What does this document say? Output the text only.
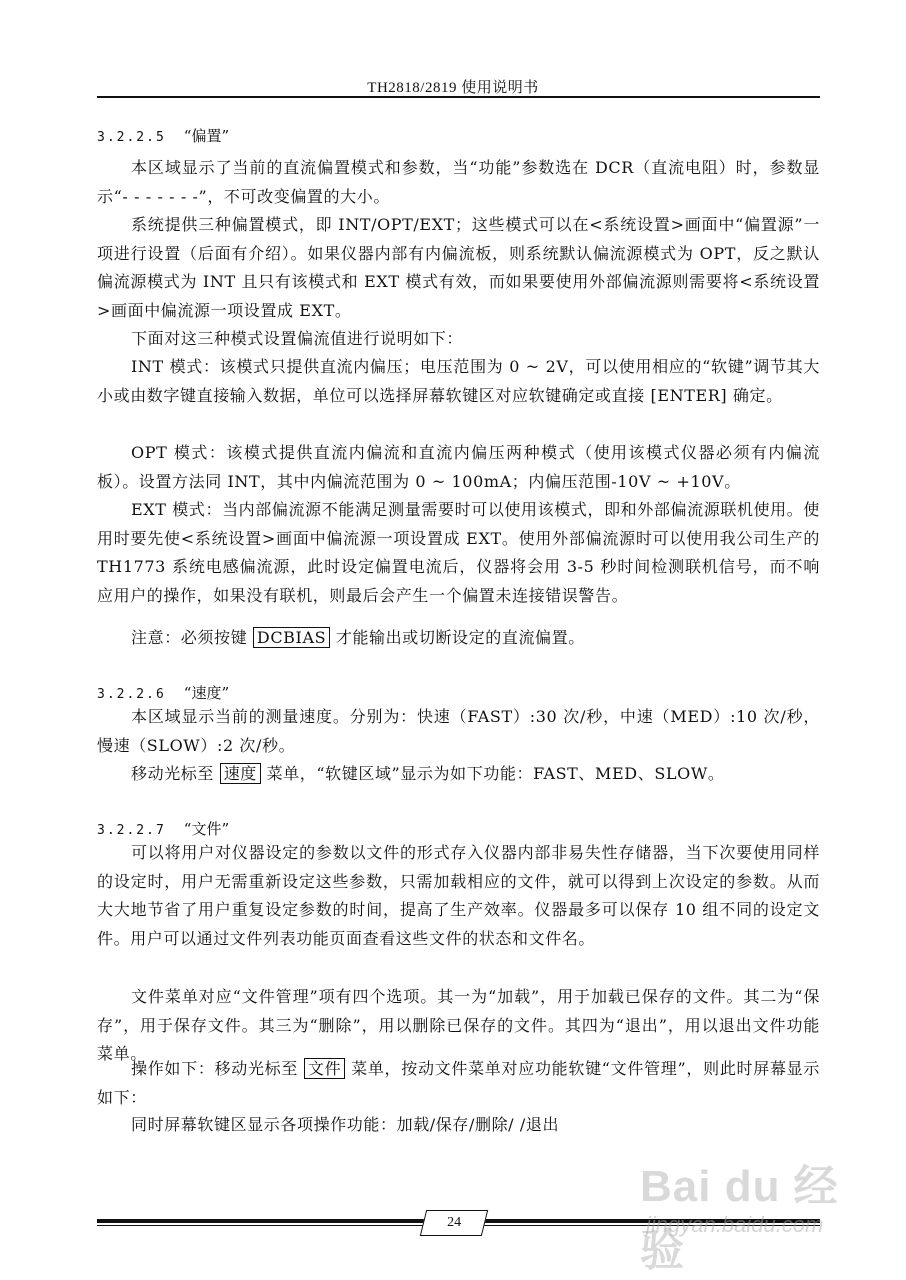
TH2818/2819 使用说明书
3.2.2.5 “偏置”

本区域显示了当前的直流偏置模式和参数，当“功能”参数选在 DCR（直流电阻）时，参数显示“- - - - - - -”，不可改变偏置的大小。

系统提供三种偏置模式，即 INT/OPT/EXT；这些模式可以在<系统设置>画面中“偏置源”一项进行设置（后面有介绍）。如果仪器内部有内偏流板，则系统默认偏流源模式为 OPT，反之默认偏流源模式为 INT 且只有该模式和 EXT 模式有效，而如果要使用外部偏流源则需要将<系统设置>画面中偏流源一项设置成 EXT。

下面对这三种模式设置偏流值进行说明如下：

INT 模式：该模式只提供直流内偏压；电压范围为 0 ~ 2V，可以使用相应的“软键”调节其大小或由数字键直接输入数据，单位可以选择屏幕软键区对应软键确定或直接 [ENTER] 确定。

OPT 模式：该模式提供直流内偏流和直流内偏压两种模式（使用该模式仪器必须有内偏流板）。设置方法同 INT，其中内偏流范围为 0 ~ 100mA；内偏压范围-10V ~ +10V。

EXT 模式：当内部偏流源不能满足测量需要时可以使用该模式，即和外部偏流源联机使用。使用时要先使<系统设置>画面中偏流源一项设置成 EXT。使用外部偏流源时可以使用我公司生产的 TH1773 系统电感偏流源，此时设定偏置电流后，仪器将会用 3-5 秒时间检测联机信号，而不响应用户的操作，如果没有联机，则最后会产生一个偏置未连接错误警告。

注意：必须按键 DCBIAS 才能输出或切断设定的直流偏置。

3.2.2.6 “速度”

本区域显示当前的测量速度。分别为：快速（FAST）:30 次/秒，中速（MED）:10 次/秒，慢速（SLOW）:2 次/秒。

移动光标至 速度 菜单，“软键区域”显示为如下功能：FAST、MED、SLOW。

3.2.2.7 “文件”

可以将用户对仪器设定的参数以文件的形式存入仪器内部非易失性存储器，当下次要使用同样的设定时，用户无需重新设定这些参数，只需加载相应的文件，就可以得到上次设定的参数。从而大大地节省了用户重复设定参数的时间，提高了生产效率。仪器最多可以保存 10 组不同的设定文件。用户可以通过文件列表功能页面查看这些文件的状态和文件名。

文件菜单对应“文件管理”项有四个选项。其一为“加载”，用于加载已保存的文件。其二为“保存”，用于保存文件。其三为“删除”，用以删除已保存的文件。其四为“退出”，用以退出文件功能菜单。

操作如下：移动光标至 文件 菜单，按动文件菜单对应功能软键“文件管理”，则此时屏幕显示如下：

同时屏幕软键区显示各项操作功能：加载/保存/删除/ /退出

24
Bai du 经验
jingyan.baidu.com
